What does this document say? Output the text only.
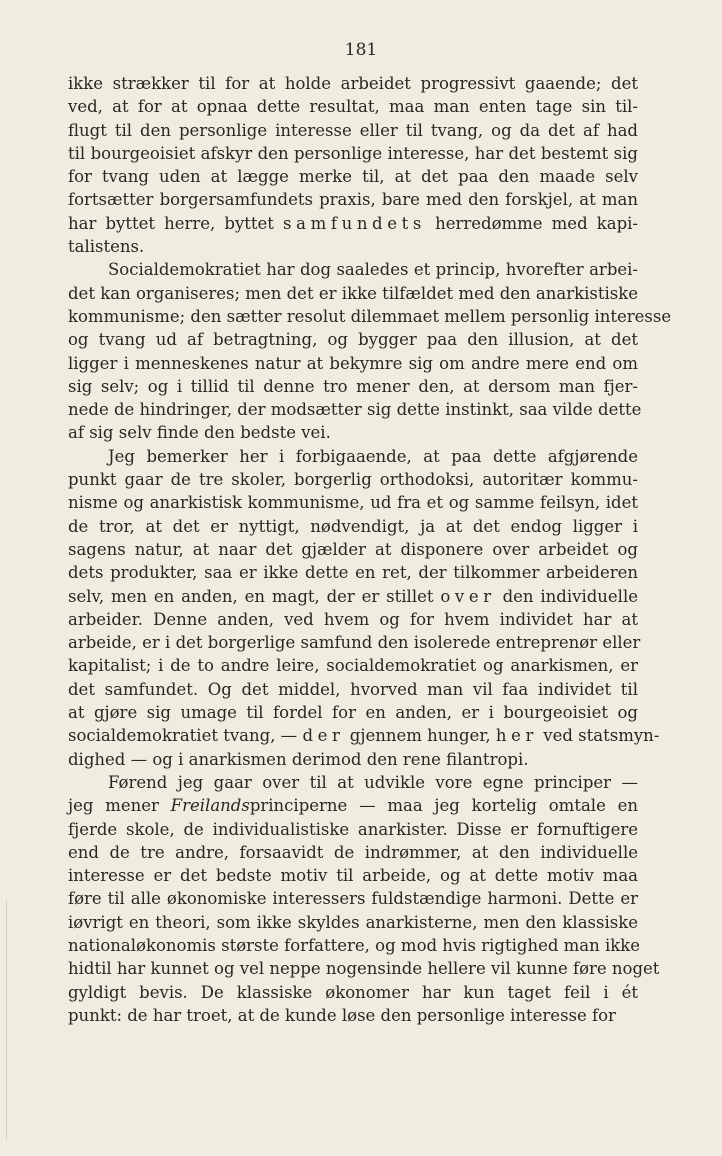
181
ikke strækker til for at holde arbeidet progressivt gaaende; det
ved, at for at opnaa dette resultat, maa man enten tage sin til-
flugt til den personlige interesse eller til tvang, og da det af had
til bourgeoisiet afskyr den personlige interesse, har det bestemt sig
for tvang uden at lægge merke til, at det paa den maade selv
fortsætter borgersamfundets praxis, bare med den forskjel, at man
har byttet herre, byttet samfundets herredømme med kapi-
talistens.
Socialdemokratiet har dog saaledes et princip, hvorefter arbei-
det kan organiseres; men det er ikke tilfældet med den anarkistiske
kommunisme; den sætter resolut dilemmaet mellem personlig interesse
og tvang ud af betragtning, og bygger paa den illusion, at det
ligger i menneskenes natur at bekymre sig om andre mere end om
sig selv; og i tillid til denne tro mener den, at dersom man fjer-
nede de hindringer, der modsætter sig dette instinkt, saa vilde dette
af sig selv finde den bedste vei.
Jeg bemerker her i forbigaaende, at paa dette afgjørende
punkt gaar de tre skoler, borgerlig orthodoksi, autoritær kommu-
nisme og anarkistisk kommunisme, ud fra et og samme feilsyn, idet
de tror, at det er nyttigt, nødvendigt, ja at det endog ligger i
sagens natur, at naar det gjælder at disponere over arbeidet og
dets produkter, saa er ikke dette en ret, der tilkommer arbeideren
selv, men en anden, en magt, der er stillet over den individuelle
arbeider. Denne anden, ved hvem og for hvem individet har at
arbeide, er i det borgerlige samfund den isolerede entreprenør eller
kapitalist; i de to andre leire, socialdemokratiet og anarkismen, er
det samfundet. Og det middel, hvorved man vil faa individet til
at gjøre sig umage til fordel for en anden, er i bourgeoisiet og
socialdemokratiet tvang, — der gjennem hunger, her ved statsmyn-
dighed — og i anarkismen derimod den rene filantropi.
Førend jeg gaar over til at udvikle vore egne principer —
jeg mener Freilandsprinciperne — maa jeg kortelig omtale en
fjerde skole, de individualistiske anarkister. Disse er fornuftigere
end de tre andre, forsaavidt de indrømmer, at den individuelle
interesse er det bedste motiv til arbeide, og at dette motiv maa
føre til alle økonomiske interessers fuldstændige harmoni. Dette er
iøvrigt en theori, som ikke skyldes anarkisterne, men den klassiske
nationaløkonomis største forfattere, og mod hvis rigtighed man ikke
hidtil har kunnet og vel neppe nogensinde hellere vil kunne føre noget
gyldigt bevis. De klassiske økonomer har kun taget feil i ét
punkt: de har troet, at de kunde løse den personlige interesse for
